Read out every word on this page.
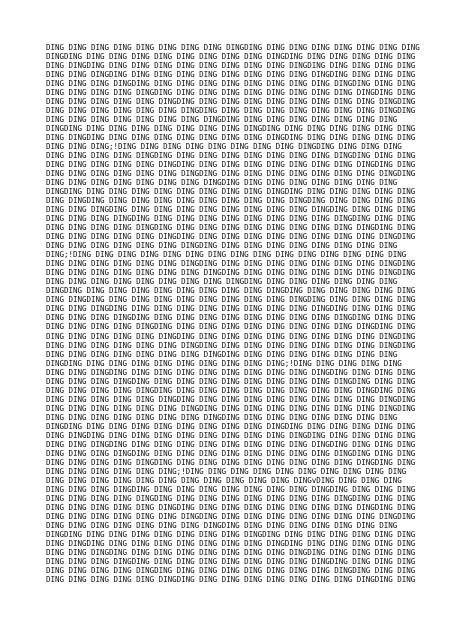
DING DING DING DING DING DING DING DING DINGDING DING DING DING DING DING DING DING
DINGDING DING DING DING DING DING DING DING DING DINGDING DING DING DING DING DING
DING DINGDING DING DING DING DING DING DING DING DING DINGDING DING DING DING DING
DING DING DINGDING DING DING DING DING DING DING DING DING DINGDING DING DING DING
DING DING DING DINGDING DING DING DING DING DING DING DING DING DINGDING DING DING
DING DING DING DING DINGDING DING DING DING DING DING DING DING DING DINGDING DING
DING DING DING DING DING DINGDING DING DING DING DING DING DING DING DING DINGDING
DING DING DING DING DING DING DINGDING DING DING DING DING DING DING DING DINGDING
DING DING DING DING DING DING DING DINGDING DING DING DING DING DING DING DING
DINGDING DING DING DING DING DING DING DING DINGDING DING DING DING DING DING DING
DING DINGDING DING DING DING DING DING DING DING DINGDING DING DING DING DING DING
DING DING DING;!DING DING DING DING DING DING DING DING DINGDING DING DING DING
DING DING DING DING DINGDING DING DING DING DING DING DING DING DINGDING DING DING
DING DING DING DING DING DINGDING DING DING DING DING DING DING DING DINGDING DING
DING DING DING DING DING DING DINGDING DING DING DING DING DING DING DING DINGDING
DING DING DING DING DING DING DING DINGDING DING DING DING DING DING DING DING
DINGDING DING DING DING DING DING DING DING DING DINGDING DING DING DING DING DING
DING DINGDING DING DING DING DING DING DING DING DING DINGDING DING DING DING DING
DING DING DINGDING DING DING DING DING DING DING DING DING DINGDING DING DING DING
DING DING DING DINGDING DING DING DING DING DING DING DING DING DINGDING DING DING
DING DING DING DING DINGDING DING DING DING DING DING DING DING DING DINGDING DING
DING DING DING DING DING DINGDING DING DING DING DING DING DING DING DING DINGDING
DING DING DING DING DING DING DINGDING DING DING DING DING DING DING DING DING
DING;!DING DING DING DING DING DING DING DING DING DING DING DING DING DING DING
DING DING DING DING DING DING DINGDING DING DING DING DING DING DING DING DINGDING
DING DING DING DING DING DING DING DINGDING DING DING DING DING DING DING DINGDING
DING DING DING DING DING DING DING DING DINGDING DING DING DING DING DING DING
DINGDING DING DING DING DING DING DING DING DING DINGDING DING DING DING DING DING
DING DINGDING DING DING DING DING DING DING DING DING DINGDING DING DING DING DING
DING DING DINGDING DING DING DING DING DING DING DING DING DINGDING DING DING DING
DING DING DING DINGDING DING DING DING DING DING DING DING DING DINGDING DING DING
DING DING DING DING DINGDING DING DING DING DING DING DING DING DING DINGDING DING
DING DING DING DING DING DINGDING DING DING DING DING DING DING DING DING DINGDING
DING DING DING DING DING DING DINGDING DING DING DING DING DING DING DING DINGDING
DING DING DING DING DING DING DING DINGDING DING DING DING DING DING DING DING
DINGDING DING DING DING DING DING DING DING DING DING;!DING DING DING DING DING
DING DING DINGDING DING DING DING DING DING DING DING DING DINGDING DING DING DING
DING DING DING DINGDING DING DING DING DING DING DING DING DING DINGDING DING DING
DING DING DING DING DINGDING DING DING DING DING DING DING DING DING DINGDING DING
DING DING DING DING DING DINGDING DING DING DING DING DING DING DING DING DINGDING
DING DING DING DING DING DING DINGDING DING DING DING DING DING DING DING DINGDING
DING DING DING DING DING DING DING DINGDING DING DING DING DING DING DING DING
DINGDING DING DING DING DING DING DING DING DING DINGDING DING DING DING DING DING
DING DINGDING DING DING DING DING DING DING DING DING DINGDING DING DING DING DING
DING DING DINGDING DING DING DING DING DING DING DING DING DINGDING DING DING DING
DING DING DING DINGDING DING DING DING DING DING DING DING DING DINGDING DING DING
DING DING DING DING DINGDING DING DING DING DING DING DING DING DING DINGDING DING
DING DING DING DING DING DING;!DING DING DING DING DING DING DING DING DING DING
DING DING DING DING DING DING DING DING DING DING DING DINGvDING DING DING DING
DING DING DING DINGDING DING DING DING DING DING DING DING DINGDING DING DING DING
DING DING DING DING DINGDING DING DING DING DING DING DING DING DINGDING DING DING
DING DING DING DING DING DINGDING DING DING DING DING DING DING DING DINGDING DING
DING DING DING DING DING DING DINGDING DING DING DING DING DING DING DING DINGDING
DING DING DING DING DING DING DING DINGDING DING DING DING DING DING DING DING
DINGDING DING DING DING DING DING DING DING DINGDING DING DING DING DING DING DING
DING DINGDING DING DING DING DING DING DING DING DINGDING DING DING DING DING DING
DING DING DINGDING DING DING DING DING DING DING DING DINGDING DING DING DING DING
DING DING DING DINGDING DING DING DING DING DING DING DING DINGDING DING DING DING
DING DING DING DING DINGDING DING DING DING DING DING DING DING DINGDING DING DING
DING DING DING DING DING DINGDING DING DING DING DING DING DING DING DINGDING DING
